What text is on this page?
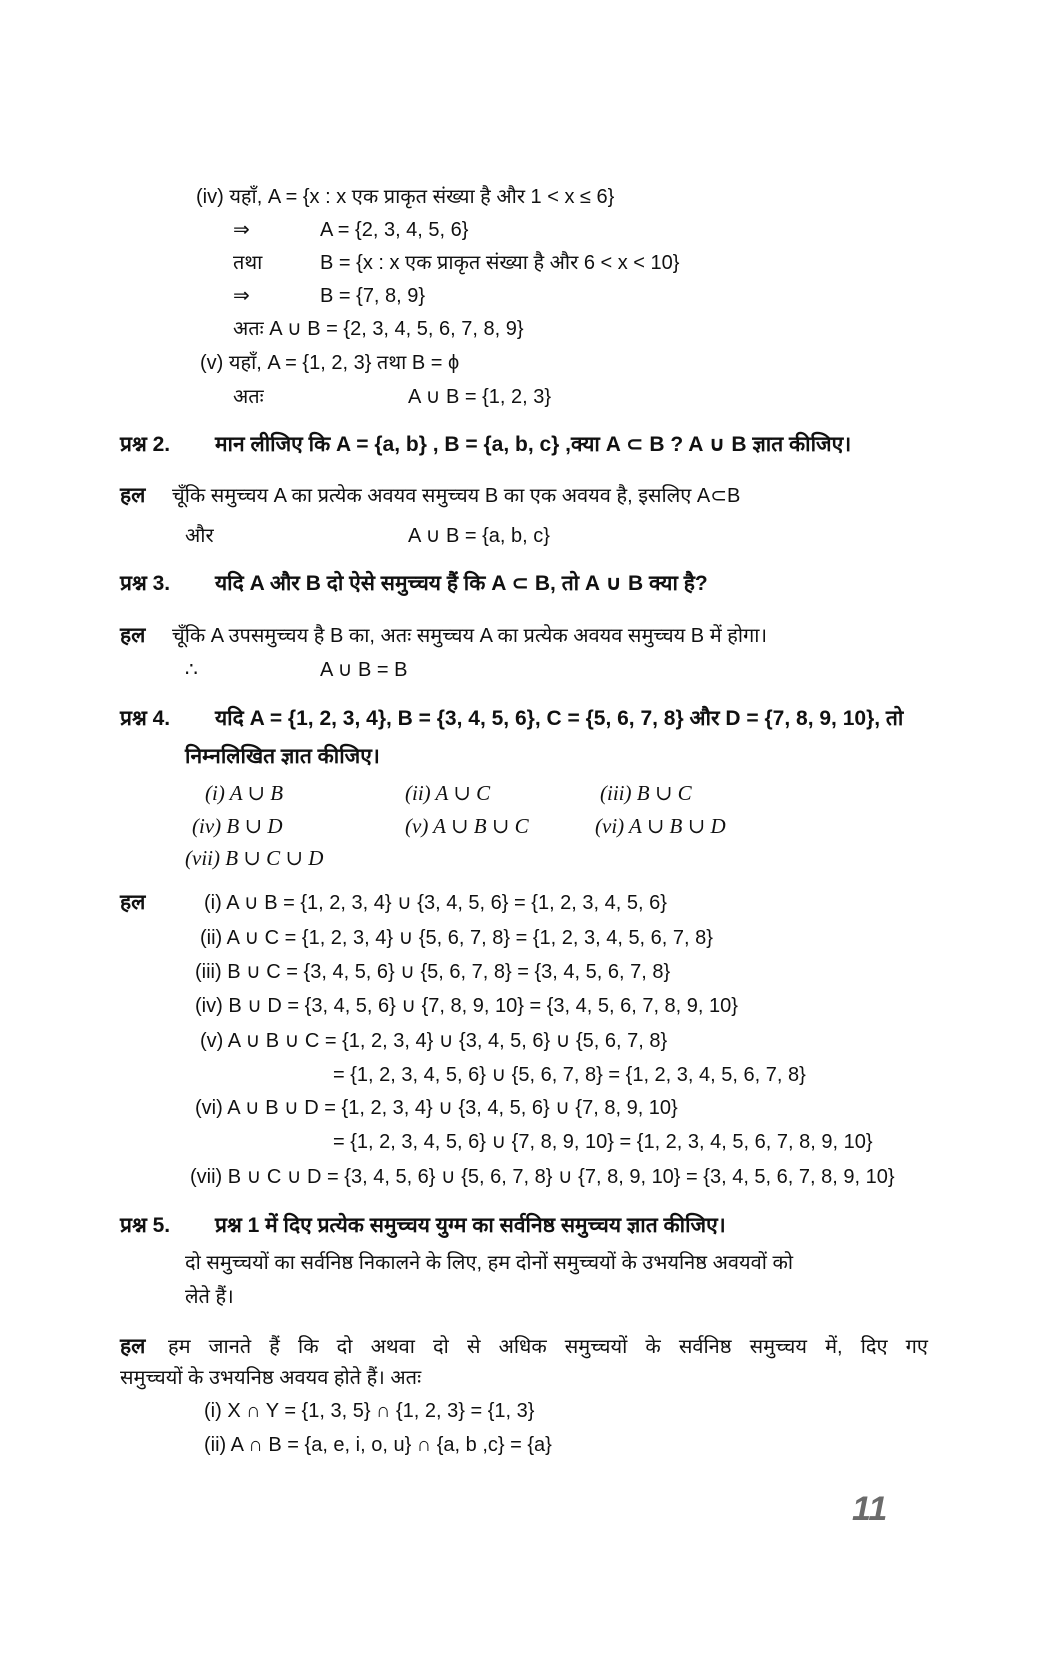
(iv) यहाँ, A = {x : x एक प्राकृत संख्या है और 1 < x ≤ 6}
⇒	A = {2, 3, 4, 5, 6}
तथा	B = {x : x एक प्राकृत संख्या है और 6 < x < 10}
⇒	B = {7, 8, 9}
अतः A ∪ B = {2, 3, 4, 5, 6, 7, 8, 9}
(v) यहाँ, A = {1, 2, 3} तथा B = ϕ
अतः	A ∪ B = {1, 2, 3}
प्रश्न 2. मान लीजिए कि A = {a, b} , B = {a, b, c} ,क्या A ⊂ B ? A ∪ B ज्ञात कीजिए।
हल चूँकि समुच्चय A का प्रत्येक अवयव समुच्चय B का एक अवयव है, इसलिए A⊂B
और	A ∪ B = {a, b, c}
प्रश्न 3. यदि A और B दो ऐसे समुच्चय हैं कि A ⊂ B, तो A ∪ B क्या है?
हल चूँकि A उपसमुच्चय है B का, अतः समुच्चय A का प्रत्येक अवयव समुच्चय B में होगा।
∴	A ∪ B = B
प्रश्न 4. यदि A = {1, 2, 3, 4}, B = {3, 4, 5, 6}, C = {5, 6, 7, 8} और D = {7, 8, 9, 10}, तो
निम्नलिखित ज्ञात कीजिए।
(i) A ∪ B	(ii) A ∪ C	(iii) B ∪ C
(iv) B ∪ D	(v) A ∪ B ∪ C	(vi) A ∪ B ∪ D
(vii) B ∪ C ∪ D
हल	(i) A ∪ B = {1, 2, 3, 4} ∪ {3, 4, 5, 6} = {1, 2, 3, 4, 5, 6}
(ii) A ∪ C = {1, 2, 3, 4} ∪ {5, 6, 7, 8} = {1, 2, 3, 4, 5, 6, 7, 8}
(iii) B ∪ C = {3, 4, 5, 6} ∪ {5, 6, 7, 8} = {3, 4, 5, 6, 7, 8}
(iv) B ∪ D = {3, 4, 5, 6} ∪ {7, 8, 9, 10} = {3, 4, 5, 6, 7, 8, 9, 10}
(v) A ∪ B ∪ C = {1, 2, 3, 4} ∪ {3, 4, 5, 6} ∪ {5, 6, 7, 8}
= {1, 2, 3, 4, 5, 6} ∪ {5, 6, 7, 8} = {1, 2, 3, 4, 5, 6, 7, 8}
(vi) A ∪ B ∪ D = {1, 2, 3, 4} ∪ {3, 4, 5, 6} ∪ {7, 8, 9, 10}
= {1, 2, 3, 4, 5, 6} ∪ {7, 8, 9, 10} = {1, 2, 3, 4, 5, 6, 7, 8, 9, 10}
(vii) B ∪ C ∪ D = {3, 4, 5, 6} ∪ {5, 6, 7, 8} ∪ {7, 8, 9, 10} = {3, 4, 5, 6, 7, 8, 9, 10}
प्रश्न 5. प्रश्न 1 में दिए प्रत्येक समुच्चय युग्म का सर्वनिष्ठ समुच्चय ज्ञात कीजिए।
दो समुच्चयों का सर्वनिष्ठ निकालने के लिए, हम दोनों समुच्चयों के उभयनिष्ठ अवयवों को
लेते हैं।
हल हम जानते हैं कि दो अथवा दो से अधिक समुच्चयों के सर्वनिष्ठ समुच्चय में, दिए गए
समुच्चयों के उभयनिष्ठ अवयव होते हैं। अतः
(i) X ∩ Y = {1, 3, 5} ∩ {1, 2, 3} = {1, 3}
(ii) A ∩ B = {a, e, i, o, u} ∩ {a, b ,c} = {a}
11
